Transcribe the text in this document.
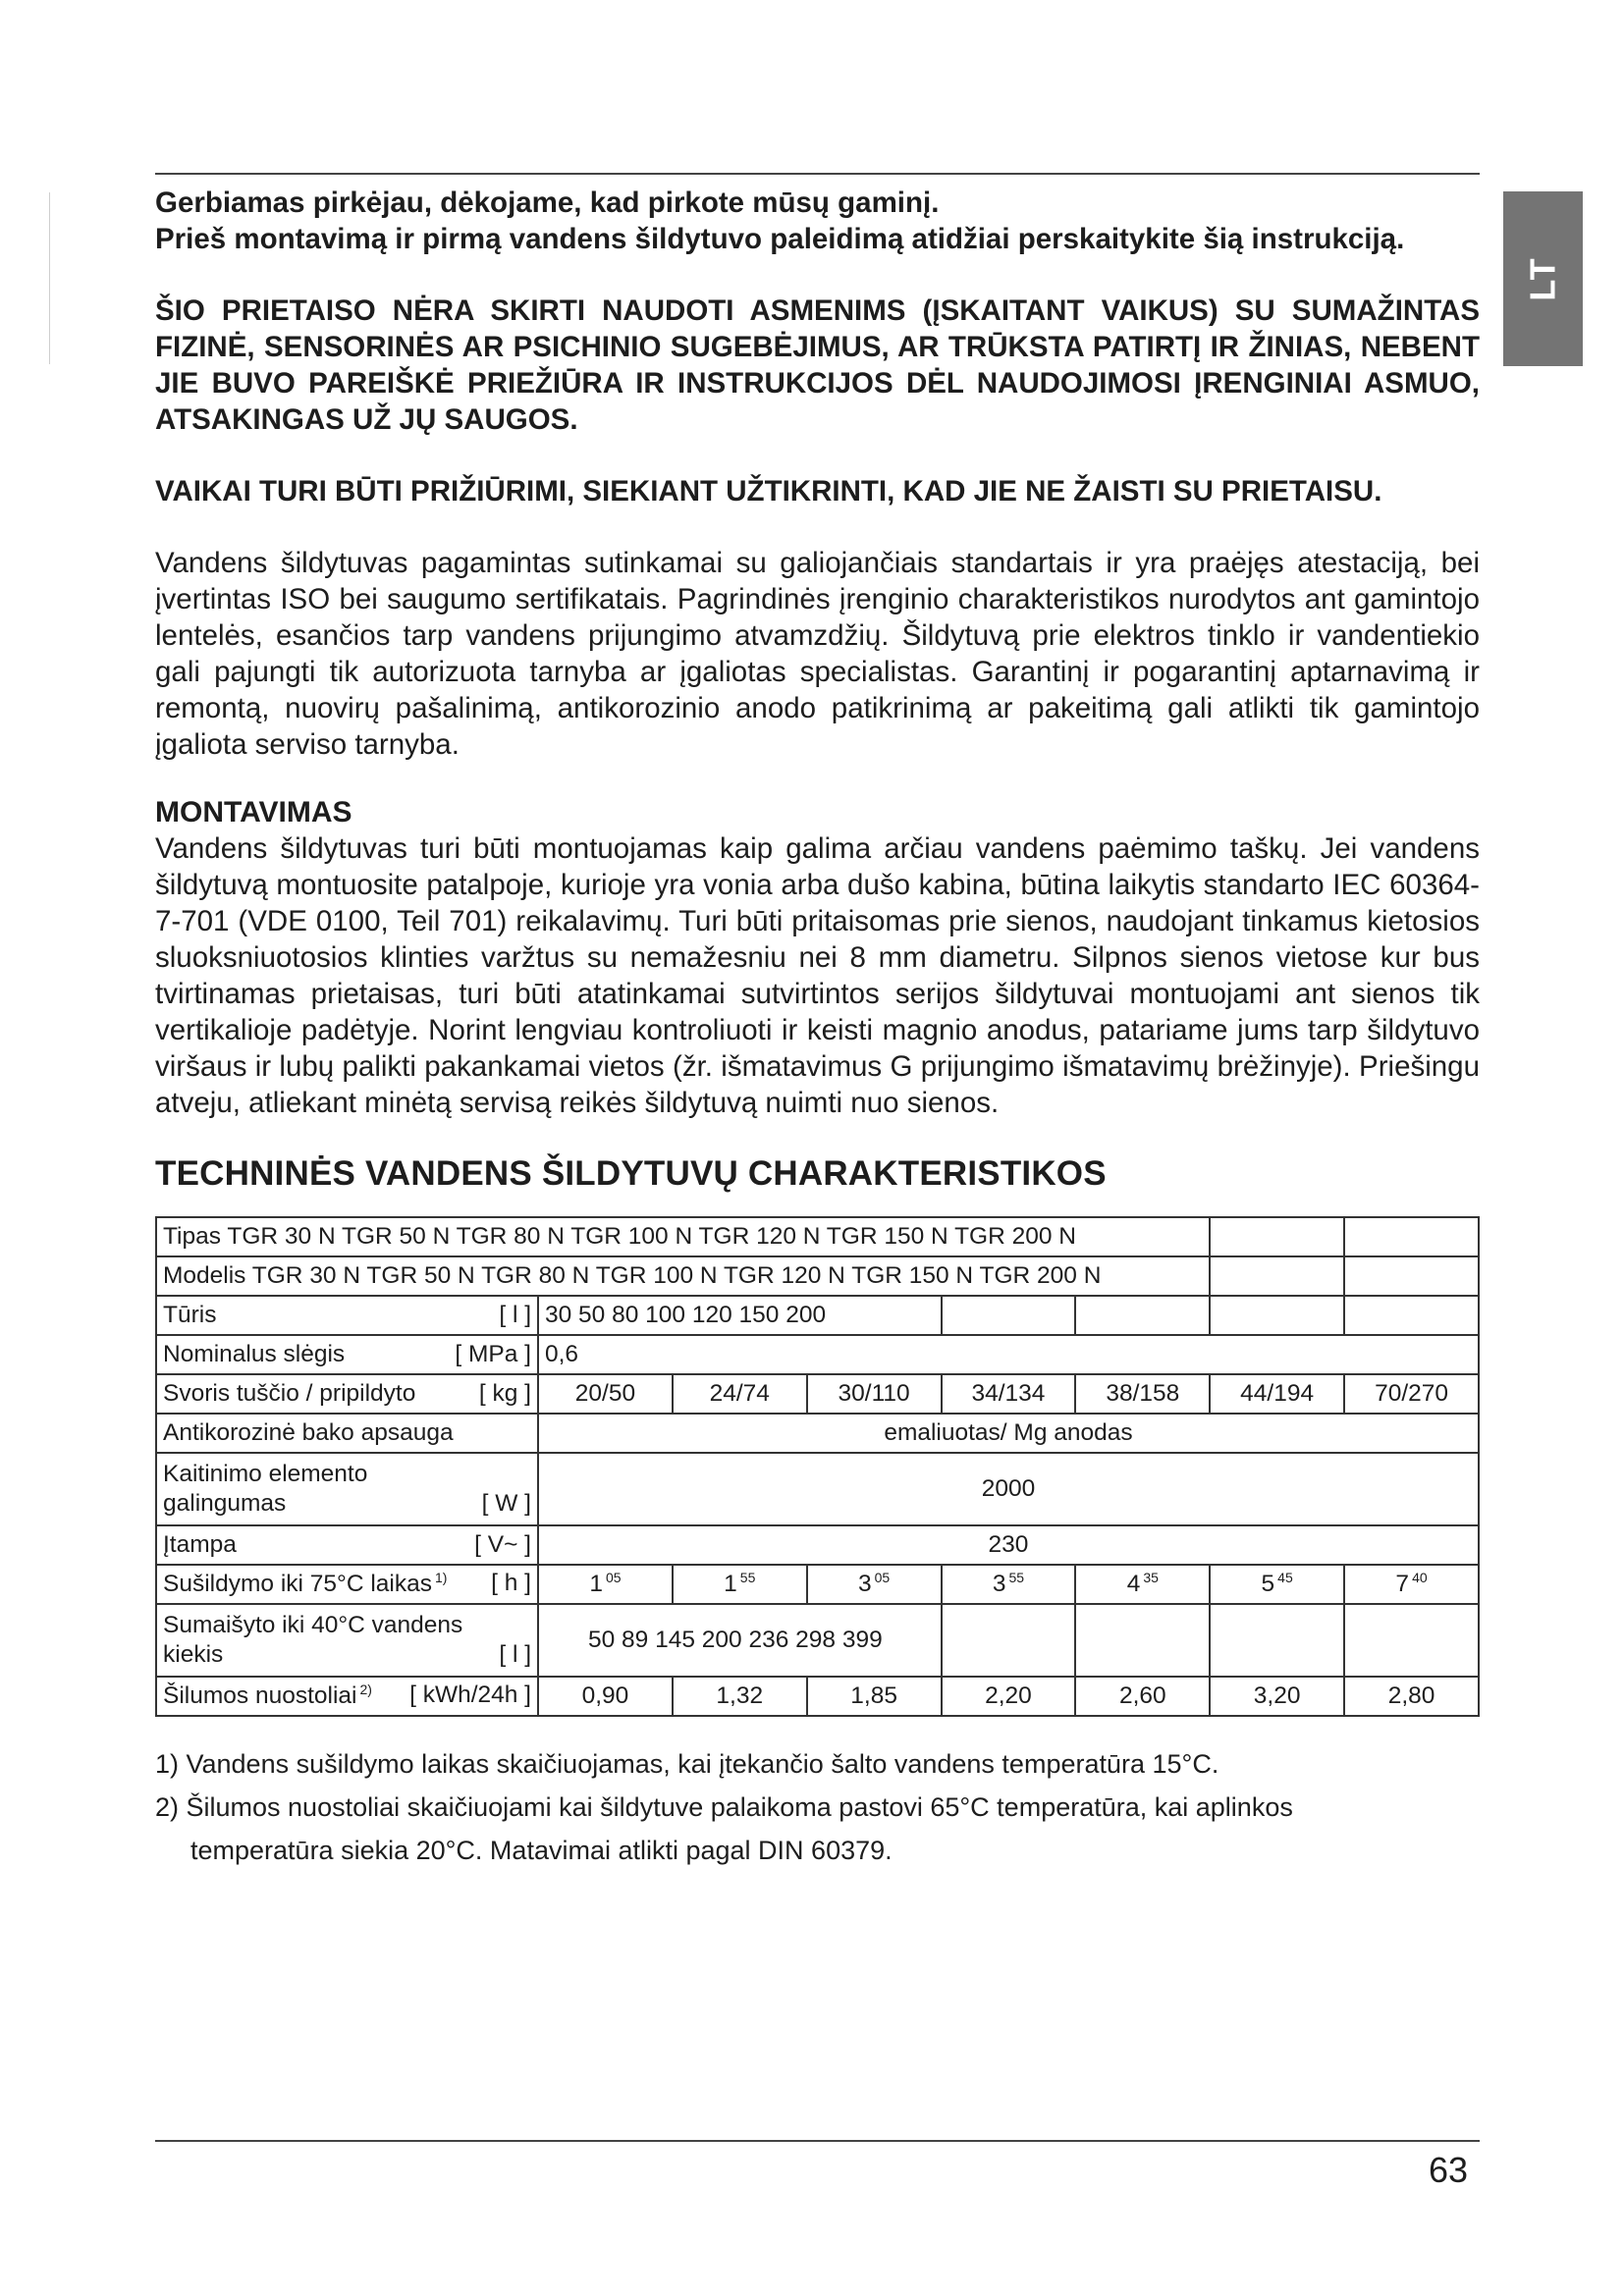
LT

Gerbiamas pirkėjau, dėkojame, kad pirkote mūsų gaminį.

Prieš montavimą ir pirmą vandens šildytuvo paleidimą atidžiai perskaitykite šią instrukciją.

ŠIO PRIETAISO NĖRA SKIRTI NAUDOTI ASMENIMS (ĮSKAITANT VAIKUS) SU SUMAŽINTAS FIZINĖ, SENSORINĖS AR PSICHINIO SUGEBĖJIMUS, AR TRŪKSTA PATIRTĮ IR ŽINIAS, NEBENT JIE BUVO PAREIŠKĖ PRIEŽIŪRA IR INSTRUKCIJOS DĖL NAUDOJIMOSI ĮRENGINIAI ASMUO, ATSAKINGAS UŽ JŲ SAUGOS.

VAIKAI TURI BŪTI PRIŽIŪRIMI, SIEKIANT UŽTIKRINTI, KAD JIE NE ŽAISTI SU PRIETAISU.

Vandens šildytuvas pagamintas sutinkamai su galiojančiais standartais ir yra praėjęs atestaciją, bei įvertintas ISO bei saugumo sertifikatais. Pagrindinės įrenginio charakteristikos nurodytos ant gamintojo lentelės, esančios tarp vandens prijungimo atvamzdžių. Šildytuvą prie elektros tinklo ir vandentiekio gali pajungti tik autorizuota tarnyba ar įgaliotas specialistas. Garantinį ir pogarantinį aptarnavimą ir remontą, nuovirų pašalinimą, antikorozinio anodo patikrinimą ar pakeitimą gali atlikti tik gamintojo įgaliota serviso tarnyba.

MONTAVIMAS

Vandens šildytuvas turi būti montuojamas kaip galima arčiau vandens paėmimo taškų. Jei vandens šildytuvą montuosite patalpoje, kurioje yra vonia arba dušo kabina, būtina laikytis standarto IEC 60364-7-701 (VDE 0100, Teil 701) reikalavimų. Turi būti pritaisomas prie sienos, naudojant tinkamus kietosios sluoksniuotosios klinties varžtus su nemažesniu nei 8 mm diametru. Silpnos sienos vietose kur bus tvirtinamas prietaisas, turi būti atatinkamai sutvirtintos serijos šildytuvai montuojami ant sienos tik vertikalioje padėtyje. Norint lengviau kontroliuoti ir keisti magnio anodus, patariame jums tarp šildytuvo viršaus ir lubų palikti pakankamai vietos (žr. išmatavimus G prijungimo išmatavimų brėžinyje). Priešingu atveju, atliekant minėtą servisą reikės šildytuvą nuimti nuo sienos.

TECHNINĖS VANDENS ŠILDYTUVŲ CHARAKTERISTIKOS

Tipas TGR 30 N TGR 50 N TGR 80 N TGR 100 N TGR 120 N TGR 150 N TGR 200 N							
Modelis TGR 30 N TGR 50 N TGR 80 N TGR 100 N TGR 120 N TGR 150 N TGR 200 N							

Tūris [ l ]	30 50 80 100 120 150 200						

Nominalus slėgis [ MPa ]	0,6						

Svoris tuščio / pripildyto [ kg ]	20/50	24/74	30/110	34/134	38/158	44/194	70/270
Antikorozinė bako apsauga	emaliuotas/ Mg anodas						

Kaitinimo elemento
galingumas [ W ]	2000						

Įtampa [ V~ ]	230						

Sušildymo iki 75°C laikas $^{1)}$ [ h ]	1 $^{05}$	1 $^{55}$	3 $^{05}$	3 $^{55}$	4 $^{35}$	5 $^{45}$	7 $^{40}$

Sumaišyto iki 40°C vandens
kiekis [ l ]	50 89 145 200 236 298 399						

Šilumos nuostoliai $^{2)}$ [ kWh/24h ]	0,90	1,32	1,85	2,20	2,60	3,20	2,80
1) Vandens sušildymo laikas skaičiuojamas, kai įtekančio šalto vandens temperatūra 15°C.
2) Šilumos nuostoliai skaičiuojami kai šildytuve palaikoma pastovi 65°C temperatūra, kai aplinkos
temperatūra siekia 20°C. Matavimai atlikti pagal DIN 60379.
63
